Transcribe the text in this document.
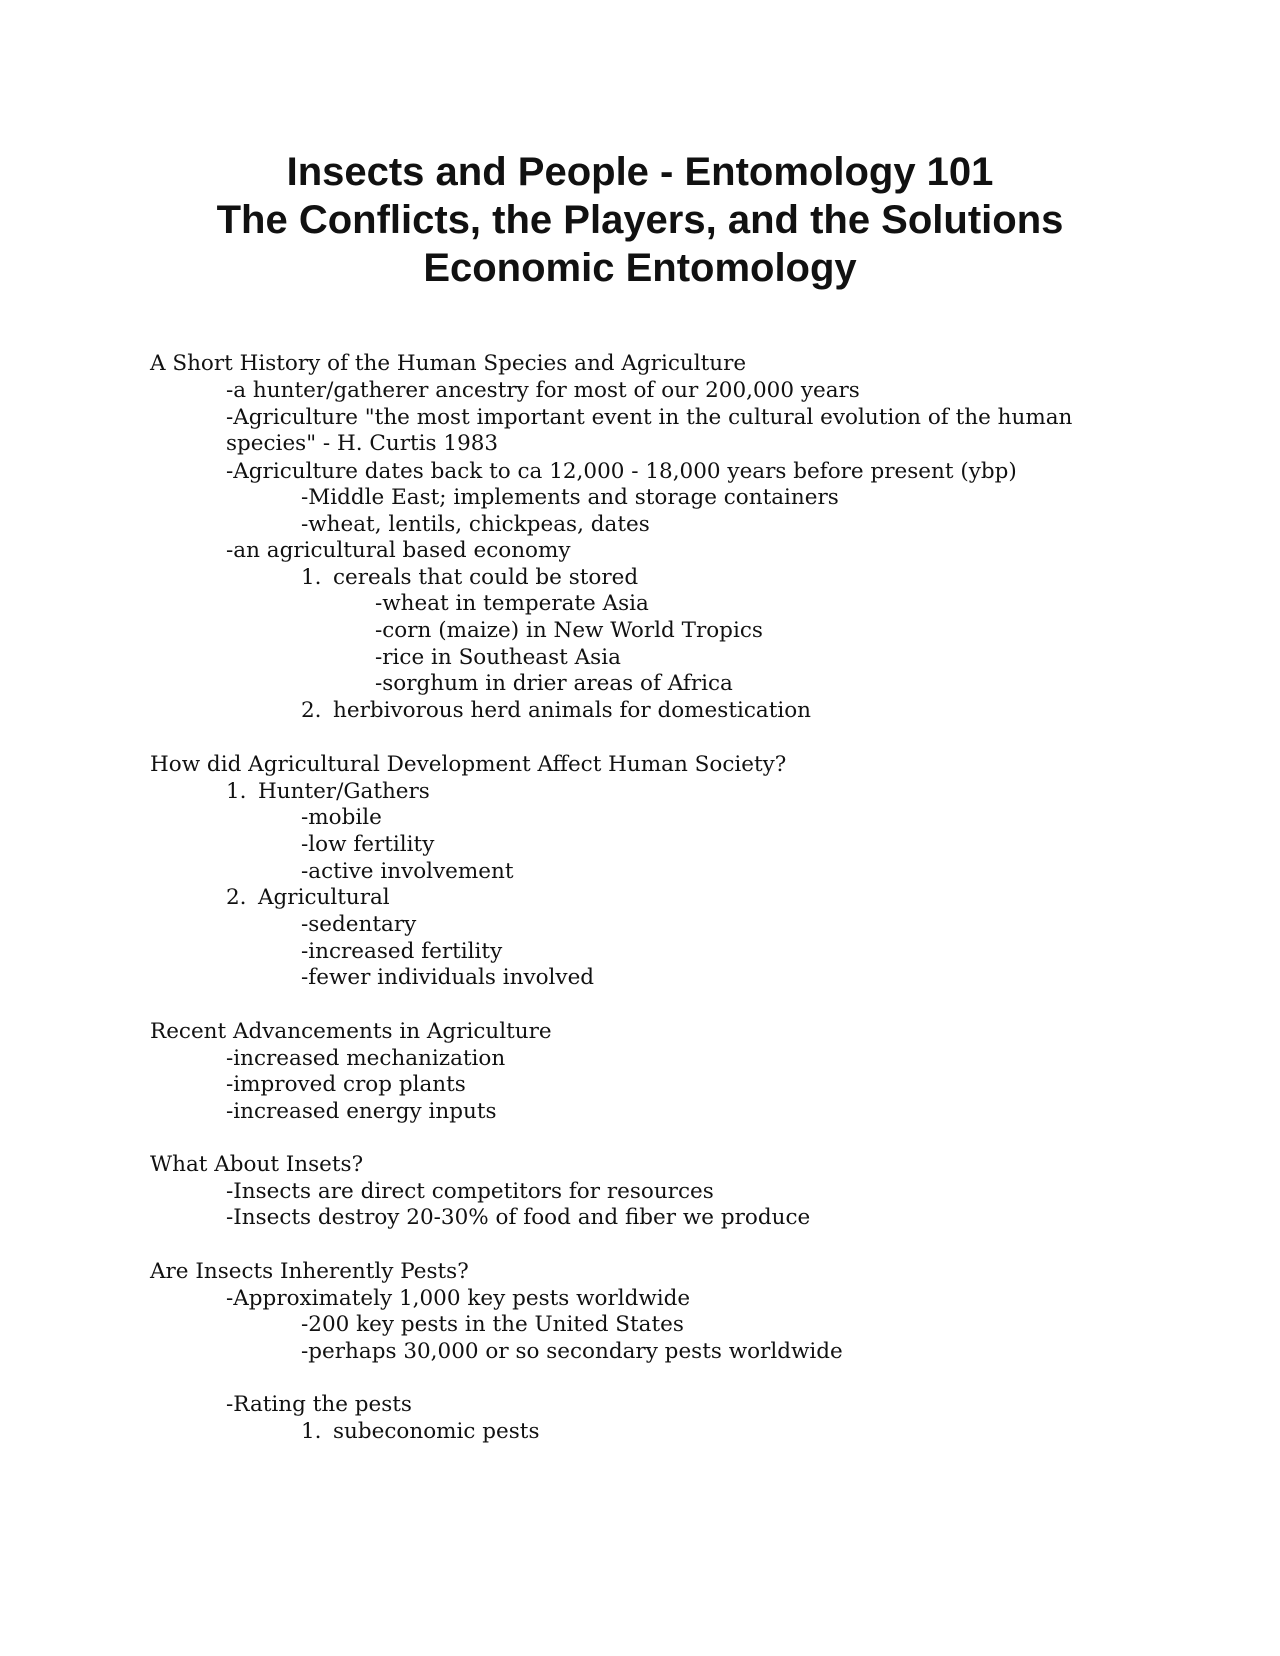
Insects and People - Entomology 101
The Conflicts, the Players, and the Solutions
Economic Entomology
A Short History of the Human Species and Agriculture
-a hunter/gatherer ancestry for most of our 200,000 years
-Agriculture "the most important event in the cultural evolution of the human
species" - H. Curtis 1983
-Agriculture dates back to ca 12,000 - 18,000 years before present (ybp)
-Middle East; implements and storage containers
-wheat, lentils, chickpeas, dates
-an agricultural based economy
1. cereals that could be stored
-wheat in temperate Asia
-corn (maize) in New World Tropics
-rice in Southeast Asia
-sorghum in drier areas of Africa
2. herbivorous herd animals for domestication
How did Agricultural Development Affect Human Society?
1. Hunter/Gathers
-mobile
-low fertility
-active involvement
2. Agricultural
-sedentary
-increased fertility
-fewer individuals involved
Recent Advancements in Agriculture
-increased mechanization
-improved crop plants
-increased energy inputs
What About Insets?
-Insects are direct competitors for resources
-Insects destroy 20-30% of food and fiber we produce
Are Insects Inherently Pests?
-Approximately 1,000 key pests worldwide
-200 key pests in the United States
-perhaps 30,000 or so secondary pests worldwide
-Rating the pests
1. subeconomic pests
